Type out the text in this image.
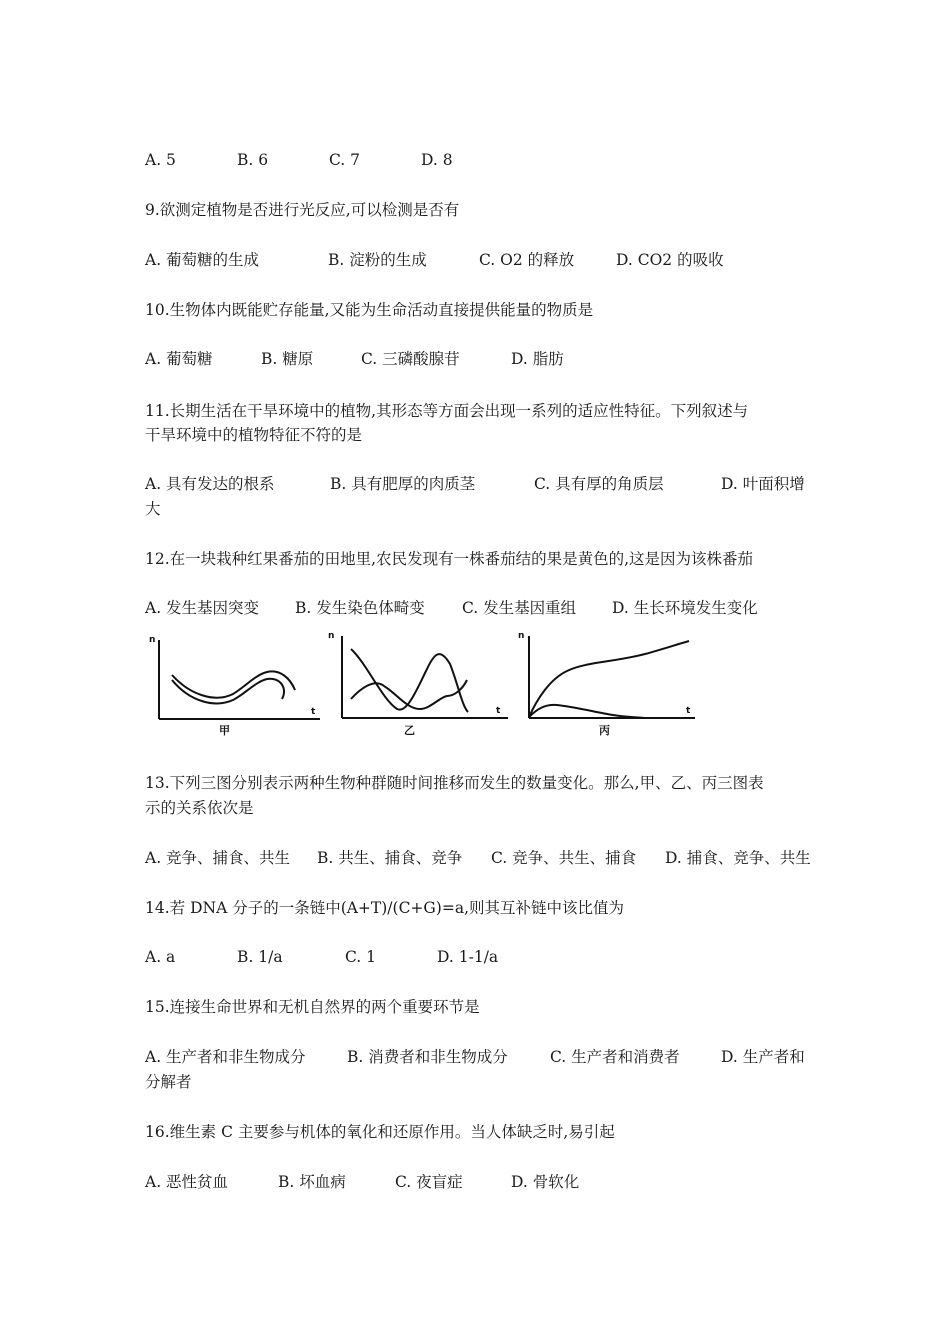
A. 5	B. 6	C. 7	D. 8
9.欲测定植物是否进行光反应,可以检测是否有
A. 葡萄糖的生成	B. 淀粉的生成	C. O2 的释放	D. CO2 的吸收
10.生物体内既能贮存能量,又能为生命活动直接提供能量的物质是
A. 葡萄糖	B. 糖原	C. 三磷酸腺苷	D. 脂肪
11.长期生活在干旱环境中的植物,其形态等方面会出现一系列的适应性特征。下列叙述与
干旱环境中的植物特征不符的是
A. 具有发达的根系	B. 具有肥厚的肉质茎	C. 具有厚的角质层	D. 叶面积增
大
12.在一块栽种红果番茄的田地里,农民发现有一株番茄结的果是黄色的,这是因为该株番茄
A. 发生基因突变 B. 发生染色体畸变 C. 发生基因重组 D. 生长环境发生变化
n
t
甲
n
t
乙
n
t
丙
13.下列三图分别表示两种生物种群随时间推移而发生的数量变化。那么,甲、乙、丙三图表
示的关系依次是
A. 竞争、捕食、共生 B. 共生、捕食、竞争 C. 竞争、共生、捕食 D. 捕食、竞争、共生
14.若 DNA 分子的一条链中(A+T)/(C+G)=a,则其互补链中该比值为
A. a	B. 1/a	C. 1	D. 1-1/a
15.连接生命世界和无机自然界的两个重要环节是
A. 生产者和非生物成分	B. 消费者和非生物成分	C. 生产者和消费者	D. 生产者和
分解者
16.维生素 C 主要参与机体的氧化和还原作用。当人体缺乏时,易引起
A. 恶性贫血	B. 坏血病	C. 夜盲症	D. 骨软化
